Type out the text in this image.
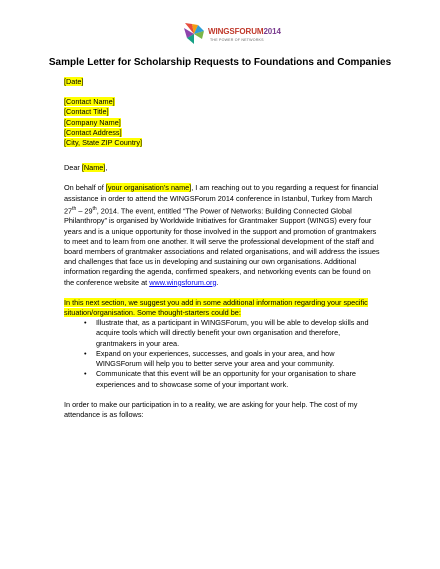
WINGSFORUM2014
THE POWER OF NETWORKS
Sample Letter for Scholarship Requests to Foundations and Companies

[Date]

[Contact Name]
[Contact Title]
[Company Name]
[Contact Address]
[City, State ZIP Country]

Dear [Name],

On behalf of [your organisation’s name], I am reaching out to you regarding a request for financial assistance in order to attend the WINGSForum 2014 conference in Istanbul, Turkey from March 27th – 29th, 2014. The event, entitled “The Power of Networks: Building Connected Global Philanthropy” is organised by Worldwide Initiatives for Grantmaker Support (WINGS) every four years and is a unique opportunity for those involved in the support and promotion of grantmakers to meet and to learn from one another. It will serve the professional development of the staff and board members of grantmaker associations and related organisations, and will address the issues and challenges that face us in developing and sustaining our own organisations. Additional information regarding the agenda, confirmed speakers, and networking events can be found on the conference website at www.wingsforum.org.

In this next section, we suggest you add in some additional information regarding your specific situation/organisation. Some thought-starters could be:

• Illustrate that, as a participant in WINGSForum, you will be able to develop skills and acquire tools which will directly benefit your own organisation and therefore, grantmakers in your area.
• Expand on your experiences, successes, and goals in your area, and how WINGSForum will help you to better serve your area and your community.
• Communicate that this event will be an opportunity for your organisation to share experiences and to showcase some of your important work.

In order to make our participation in to a reality, we are asking for your help. The cost of my attendance is as follows:
